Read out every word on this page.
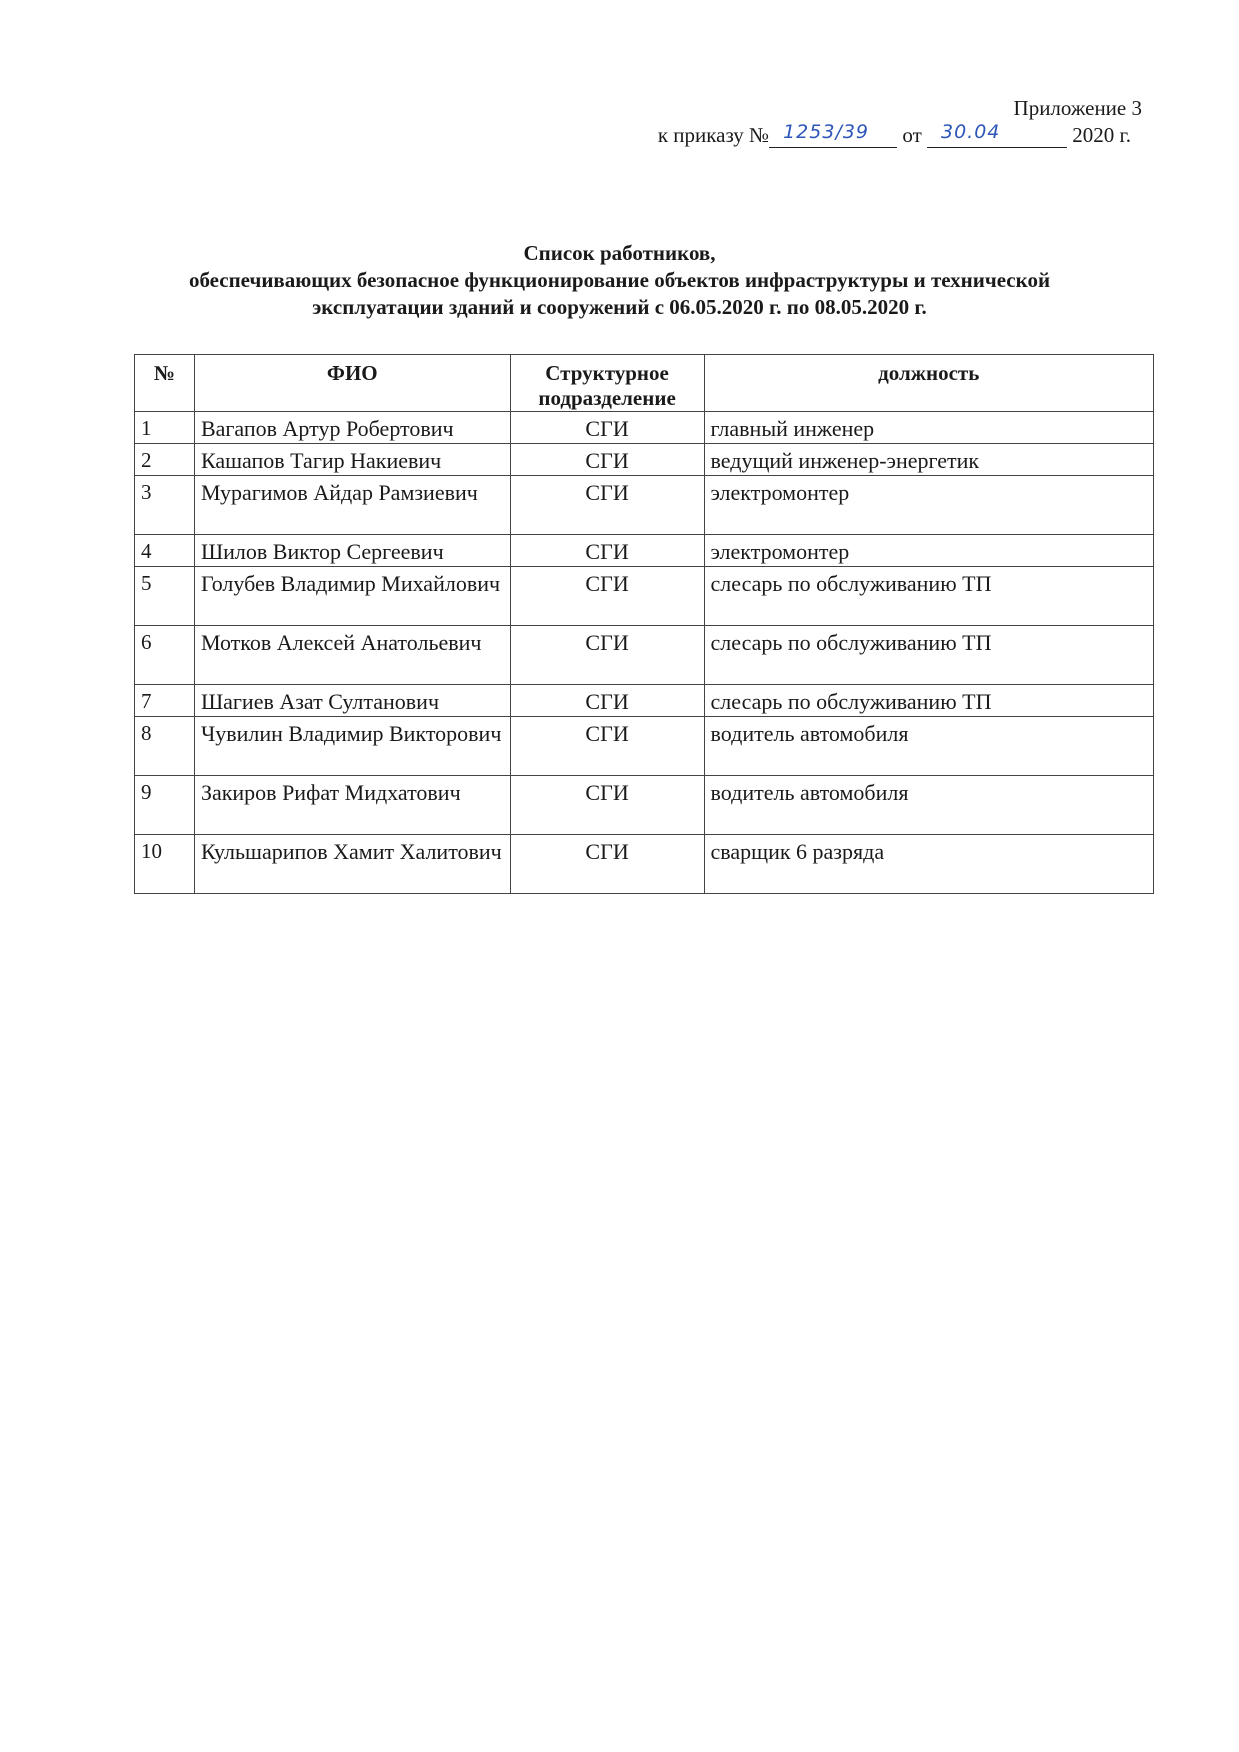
Приложение 3
к приказу № 1253/39 от 30.04	2020 г.
Список работников,
обеспечивающих безопасное функционирование объектов инфраструктуры и технической
эксплуатации зданий и сооружений с 06.05.2020 г. по 08.05.2020 г.
№	ФИО	Структурное подразделение	должность
1	Вагапов Артур Робертович	СГИ	главный инженер
2	Кашапов Тагир Накиевич	СГИ	ведущий инженер-энергетик
3	Мурагимов Айдар Рамзиевич	СГИ	электромонтер
4	Шилов Виктор Сергеевич	СГИ	электромонтер
5	Голубев Владимир Михайлович	СГИ	слесарь по обслуживанию ТП
6	Мотков Алексей Анатольевич	СГИ	слесарь по обслуживанию ТП
7	Шагиев Азат Султанович	СГИ	слесарь по обслуживанию ТП
8	Чувилин Владимир Викторович	СГИ	водитель автомобиля
9	Закиров Рифат Мидхатович	СГИ	водитель автомобиля
10	Кульшарипов Хамит Халитович	СГИ	сварщик 6 разряда
